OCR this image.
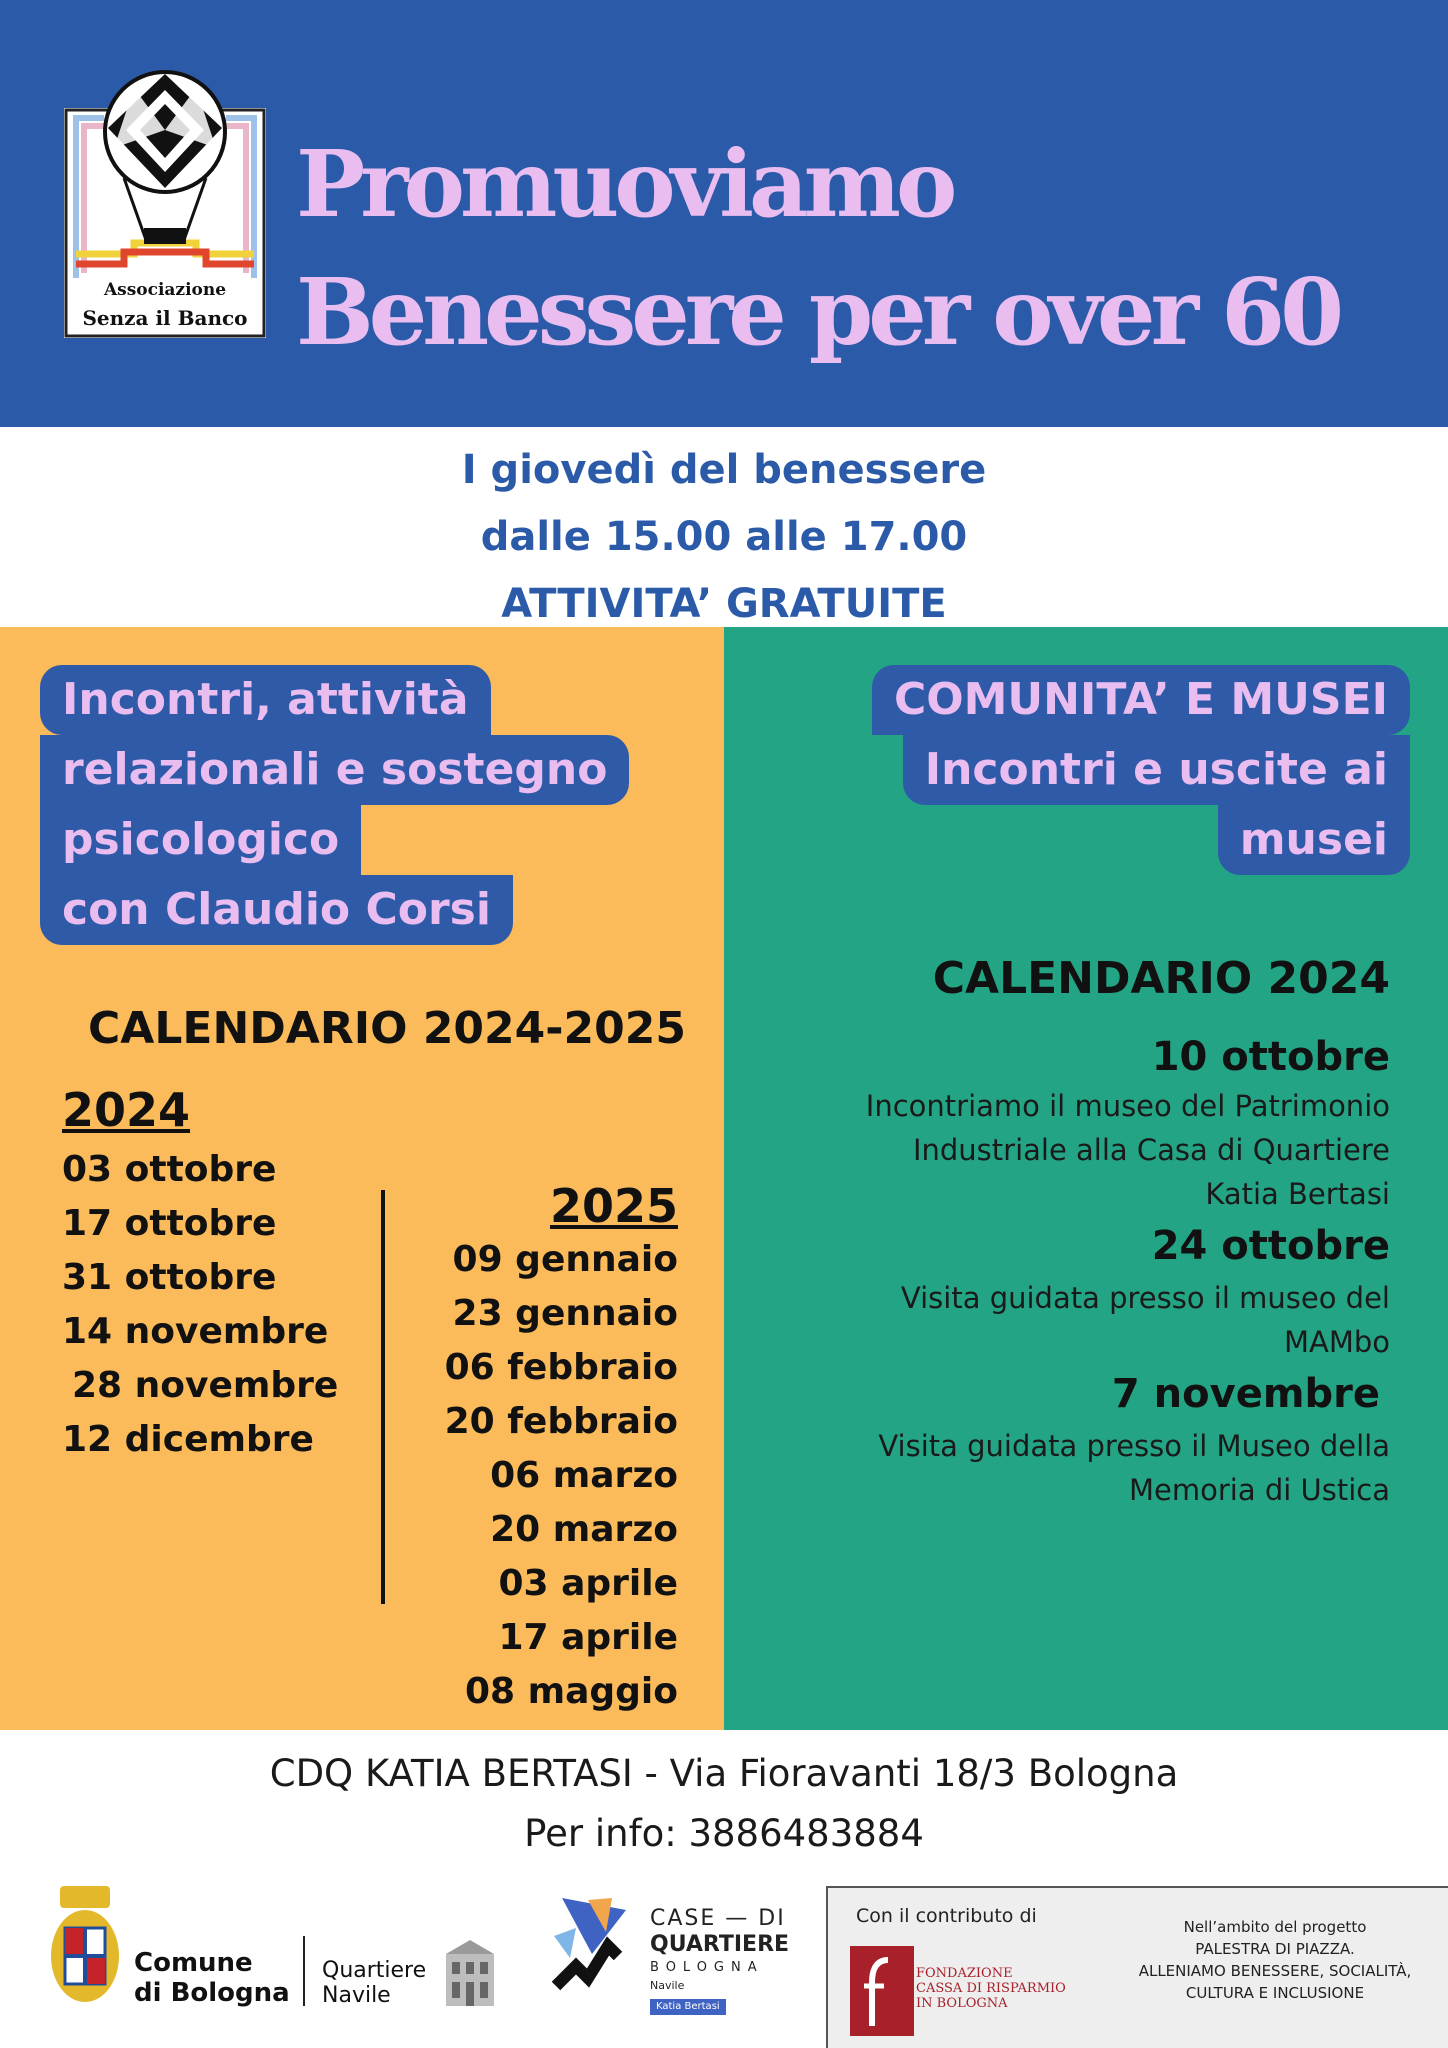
Associazione
Senza il Banco
Promuoviamo
Benessere per over 60
I giovedì del benessere
dalle 15.00 alle 17.00
ATTIVITA’ GRATUITE
Incontri, attività
relazionali e sostegno
psicologico
con Claudio Corsi
CALENDARIO 2024-2025
2024
03 ottobre
17 ottobre
31 ottobre
14 novembre
28 novembre
12 dicembre
2025
09 gennaio
23 gennaio
06 febbraio
20 febbraio
06 marzo
20 marzo
03 aprile
17 aprile
08 maggio
COMUNITA’ E MUSEI
Incontri e uscite ai
musei
CALENDARIO 2024
10 ottobre
Incontriamo il museo del Patrimonio
Industriale alla Casa di Quartiere
Katia Bertasi
24 ottobre
Visita guidata presso il museo del
MAMbo
7 novembre
Visita guidata presso il Museo della
Memoria di Ustica
CDQ KATIA BERTASI - Via Fioravanti 18/3 Bologna
Per info: 3886483884
Comune
di Bologna
Quartiere
Navile
CASE — DI
QUARTIERE
BOLOGNA
Navile
Katia Bertasi
Con il contributo di
FONDAZIONE
CASSA DI RISPARMIO
IN BOLOGNA
Nell’ambito del progetto
PALESTRA DI PIAZZA.
ALLENIAMO BENESSERE, SOCIALITÀ,
CULTURA E INCLUSIONE
